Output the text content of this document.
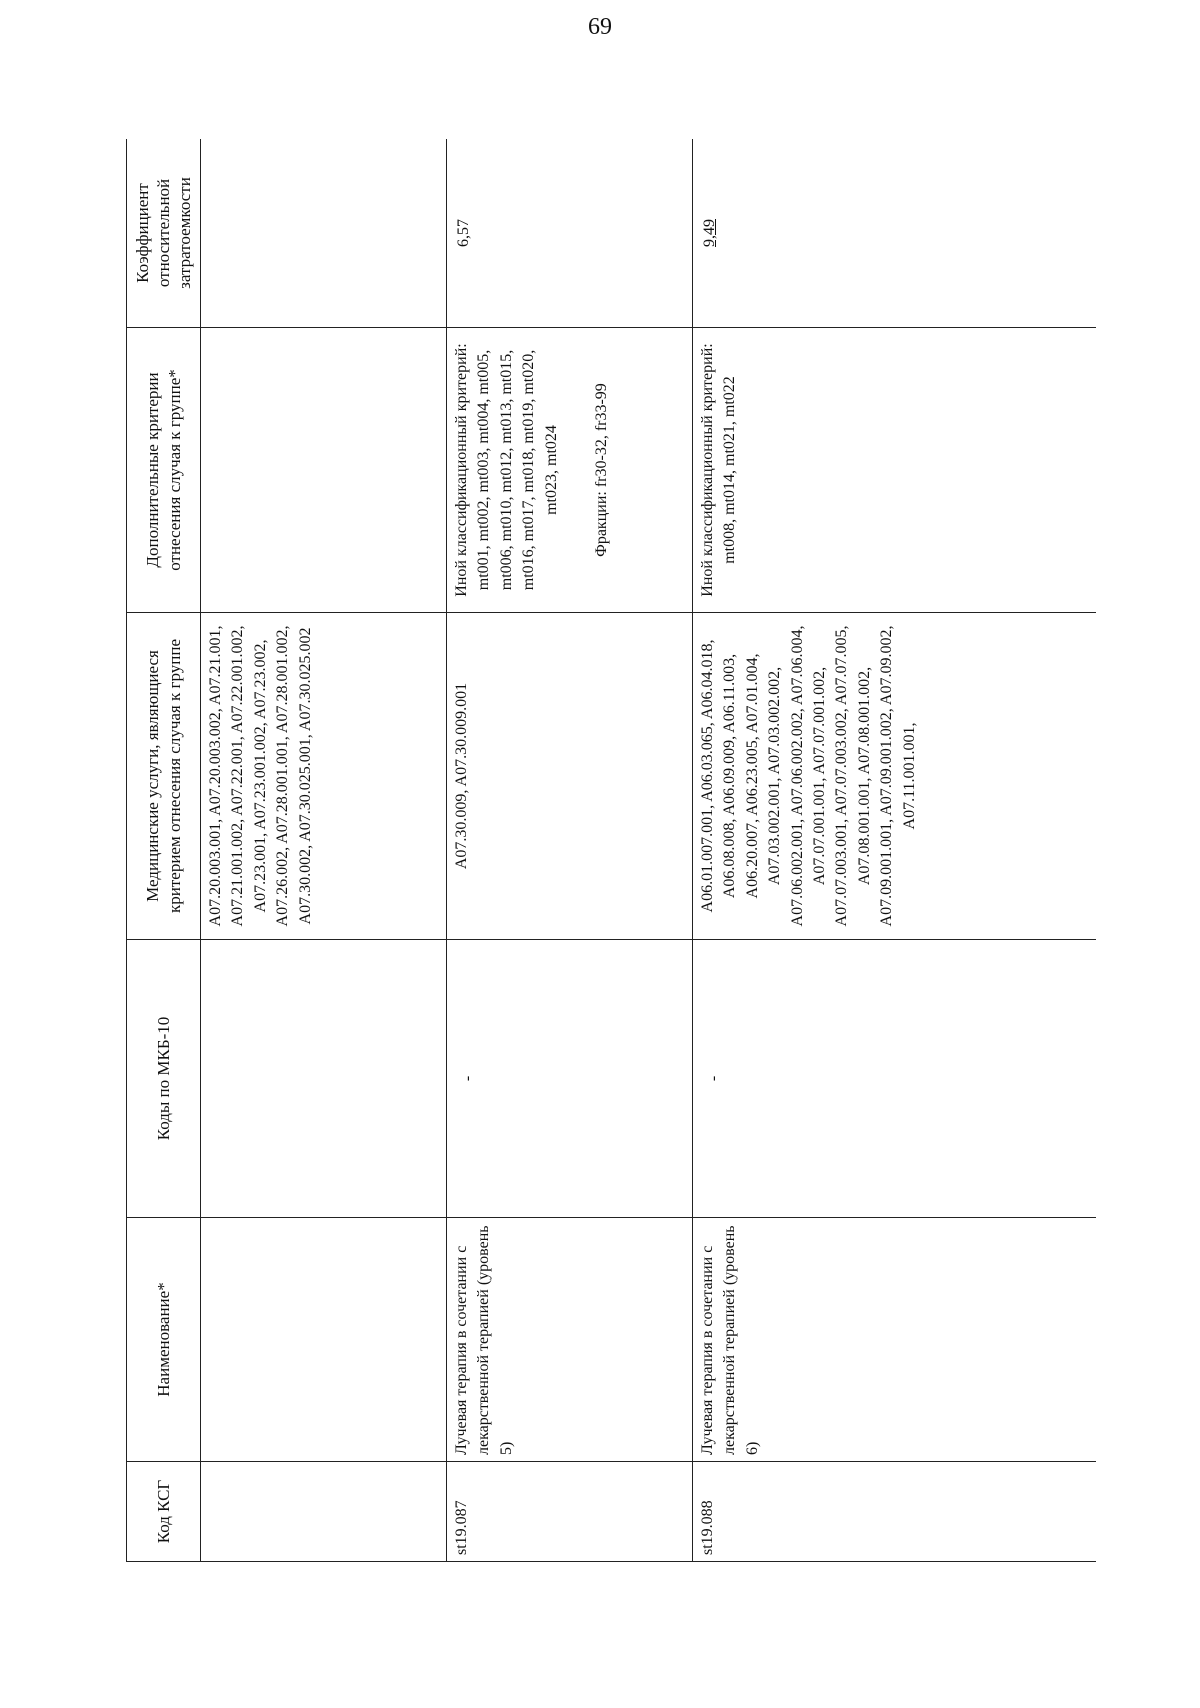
69
Код КСГ	Наименование*	Коды по МКБ-10	Медицинские услуги, являющиеся критерием отнесения случая к группе	Дополнительные критерии отнесения случая к группе*	Коэффициент относительной затратоемкости
			A07.20.003.001, A07.20.003.002, A07.21.001, A07.21.001.002, A07.22.001, A07.22.001.002, A07.23.001, A07.23.001.002, A07.23.002, A07.26.002, A07.28.001.001, A07.28.001.002, A07.30.002, A07.30.025.001, A07.30.025.002		
st19.087	Лучевая терапия в сочетании с лекарственной терапией (уровень 5)	-	A07.30.009, A07.30.009.001	Иной классификационный критерий: mt001, mt002, mt003, mt004, mt005, mt006, mt010, mt012, mt013, mt015, mt016, mt017, mt018, mt019, mt020, mt023, mt024 Фракции: fr30-32, fr33-99	6,57
st19.088	Лучевая терапия в сочетании с лекарственной терапией (уровень 6)	-	A06.01.007.001, A06.03.065, A06.04.018, A06.08.008, A06.09.009, A06.11.003, A06.20.007, A06.23.005, A07.01.004, A07.03.002.001, A07.03.002.002, A07.06.002.001, A07.06.002.002, A07.06.004, A07.07.001.001, A07.07.001.002, A07.07.003.001, A07.07.003.002, A07.07.005, A07.08.001.001, A07.08.001.002, A07.09.001.001, A07.09.001.002, A07.09.002, A07.11.001.001,	Иной классификационный критерий: mt008, mt014, mt021, mt022	9,49
